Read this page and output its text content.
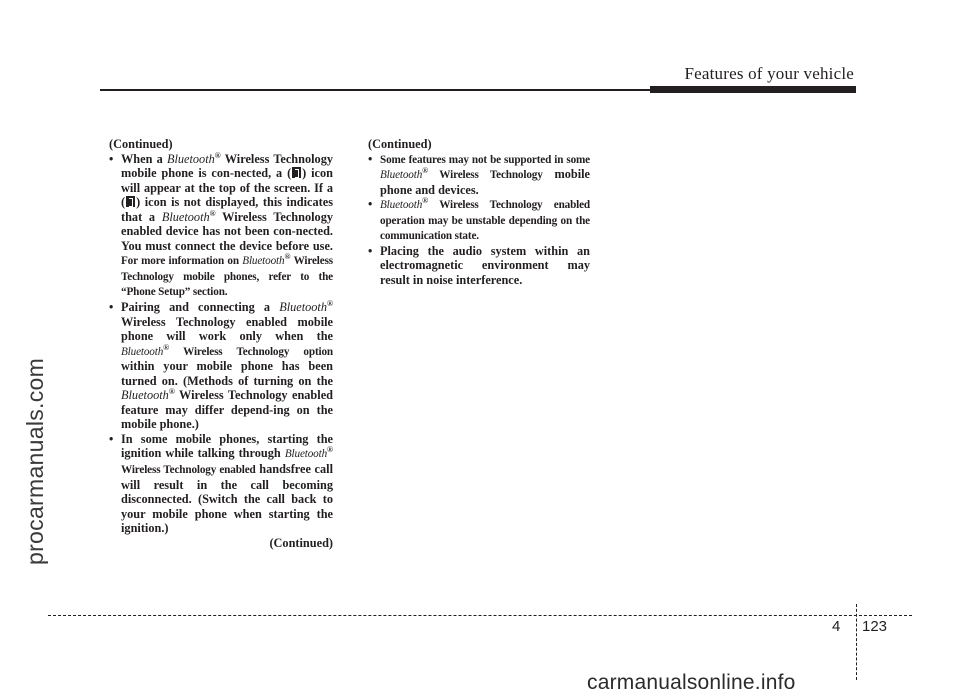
Features of your vehicle
procarmanuals.com
(Continued)
• When a Bluetooth® Wireless Technology mobile phone is con-nected, a ( ) icon will appear at the top of the screen. If a ( ) icon is not displayed, this indicates that a Bluetooth® Wireless Technology enabled device has not been con-nected. You must connect the device before use. For more information on Bluetooth® Wireless Technology mobile phones, refer to the “Phone Setup” section.
• Pairing and connecting a Bluetooth® Wireless Technology enabled mobile phone will work only when the Bluetooth® Wireless Technology option within your mobile phone has been turned on. (Methods of turning on the Bluetooth® Wireless Technology enabled feature may differ depend-ing on the mobile phone.)
• In some mobile phones, starting the ignition while talking through Bluetooth® Wireless Technology enabled handsfree call will result in the call becoming disconnected. (Switch the call back to your mobile phone when starting the ignition.)
(Continued)
(Continued)
• Some features may not be supported in some Bluetooth® Wireless Technology mobile phone and devices.
• Bluetooth® Wireless Technology enabled operation may be unstable depending on the communication state.
• Placing the audio system within an electromagnetic environment may result in noise interference.
4 123
carmanualsonline.info
